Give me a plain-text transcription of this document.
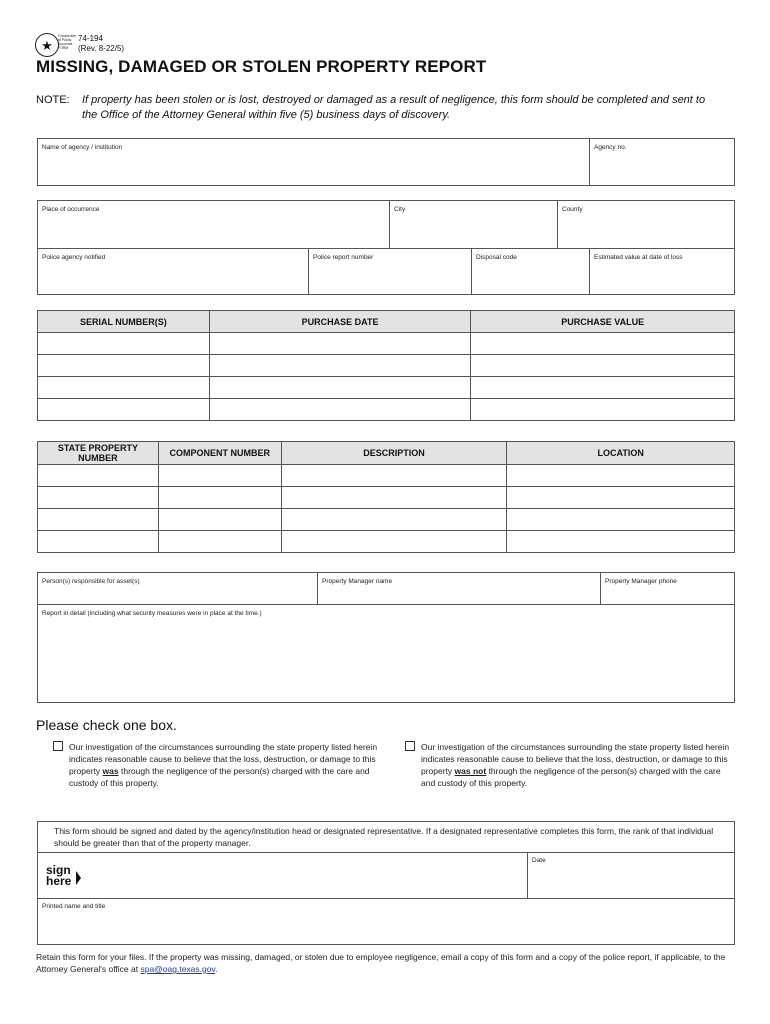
★
Comptroller of Public Accounts FORM
74-194
(Rev. 8-22/5)
MISSING, DAMAGED OR STOLEN PROPERTY REPORT
NOTE: If property has been stolen or is lost, destroyed or damaged as a result of negligence, this form should be completed and sent to the Office of the Attorney General within five (5) business days of discovery.
Name of agency / institution	Agency no.
Place of occurrence	City	County
Police agency notified	Police report number	Disposal code	Estimated value at date of loss
SERIAL NUMBER(S)	PURCHASE DATE	PURCHASE VALUE

STATE PROPERTY NUMBER	COMPONENT NUMBER	DESCRIPTION	LOCATION

Person(s) responsible for asset(s)	Property Manager name	Property Manager phone
Report in detail (including what security measures were in place at the time.)
Please check one box.
Our investigation of the circumstances surrounding the state property listed herein indicates reasonable cause to believe that the loss, destruction, or damage to this property was through the negligence of the person(s) charged with the care and custody of this property.
Our investigation of the circumstances surrounding the state property listed herein indicates reasonable cause to believe that the loss, destruction, or damage to this property was not through the negligence of the person(s) charged with the care and custody of this property.
This form should be signed and dated by the agency/institution head or designated representative. If a designated representative completes this form, the rank of that individual should be greater than that of the property manager.
sign
here
Date
Printed name and title
Retain this form for your files. If the property was missing, damaged, or stolen due to employee negligence, email a copy of this form and a copy of the police report, if applicable, to the Attorney General's office at spa@oag.texas.gov.
